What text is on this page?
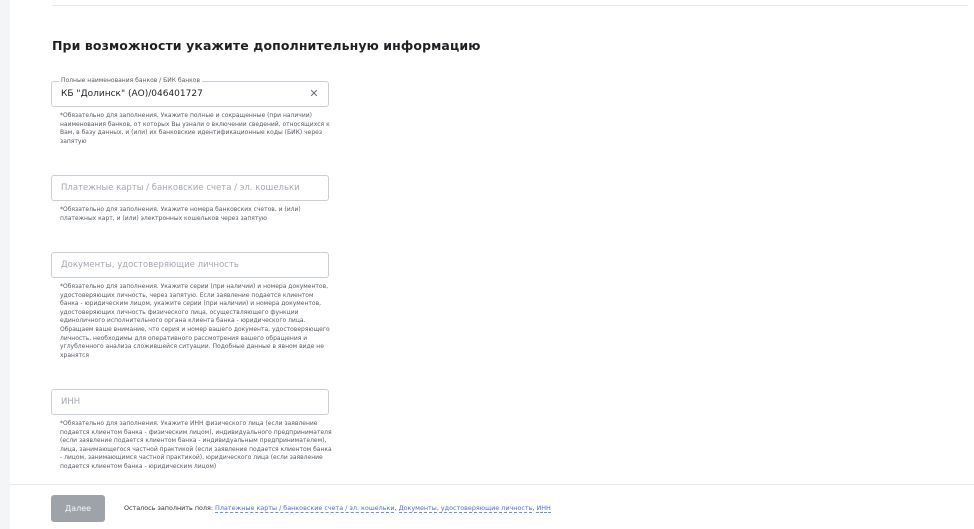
При возможности укажите дополнительную информацию
Полные наименования банков / БИК банков
КБ "Долинск" (АО)/046401727	✕
*Обязательно для заполнения. Укажите полные и сокращенные (при наличии) наименования банков, от которых Вы узнали о включении сведений, относящихся к Вам, в базу данных, и (или) их банковские идентификационные коды (БИК) через запятую
Платежные карты / банковские счета / эл. кошельки
*Обязательно для заполнения. Укажите номера банковских счетов, и (или) платежных карт, и (или) электронных кошельков через запятую
Документы, удостоверяющие личность
*Обязательно для заполнения. Укажите серии (при наличии) и номера документов, удостоверяющих личность, через запятую. Если заявление подается клиентом банка - юридическим лицом, укажите серии (при наличии) и номера документов, удостоверяющих личность физического лица, осуществляющего функции единоличного исполнительного органа клиента банка - юридического лица. Обращаем ваше внимание, что серия и номер вашего документа, удостоверяющего личность, необходимы для оперативного рассмотрения вашего обращения и углубленного анализа сложившейся ситуации. Подобные данные в явном виде не хранятся
ИНН
*Обязательно для заполнения. Укажите ИНН физического лица (если заявление подается клиентом банка - физическим лицом), индивидуального предпринимателя (если заявление подается клиентом банка - индивидуальным предпринимателем), лица, занимающегося частной практикой (если заявление подается клиентом банка - лицом, занимающимся частной практикой), юридического лица (если заявление подается клиентом банка - юридическим лицом)
Далее	Осталось заполнить поля: Платежные карты / банковские счета / эл. кошельки, Документы, удостоверяющие личность, ИНН
